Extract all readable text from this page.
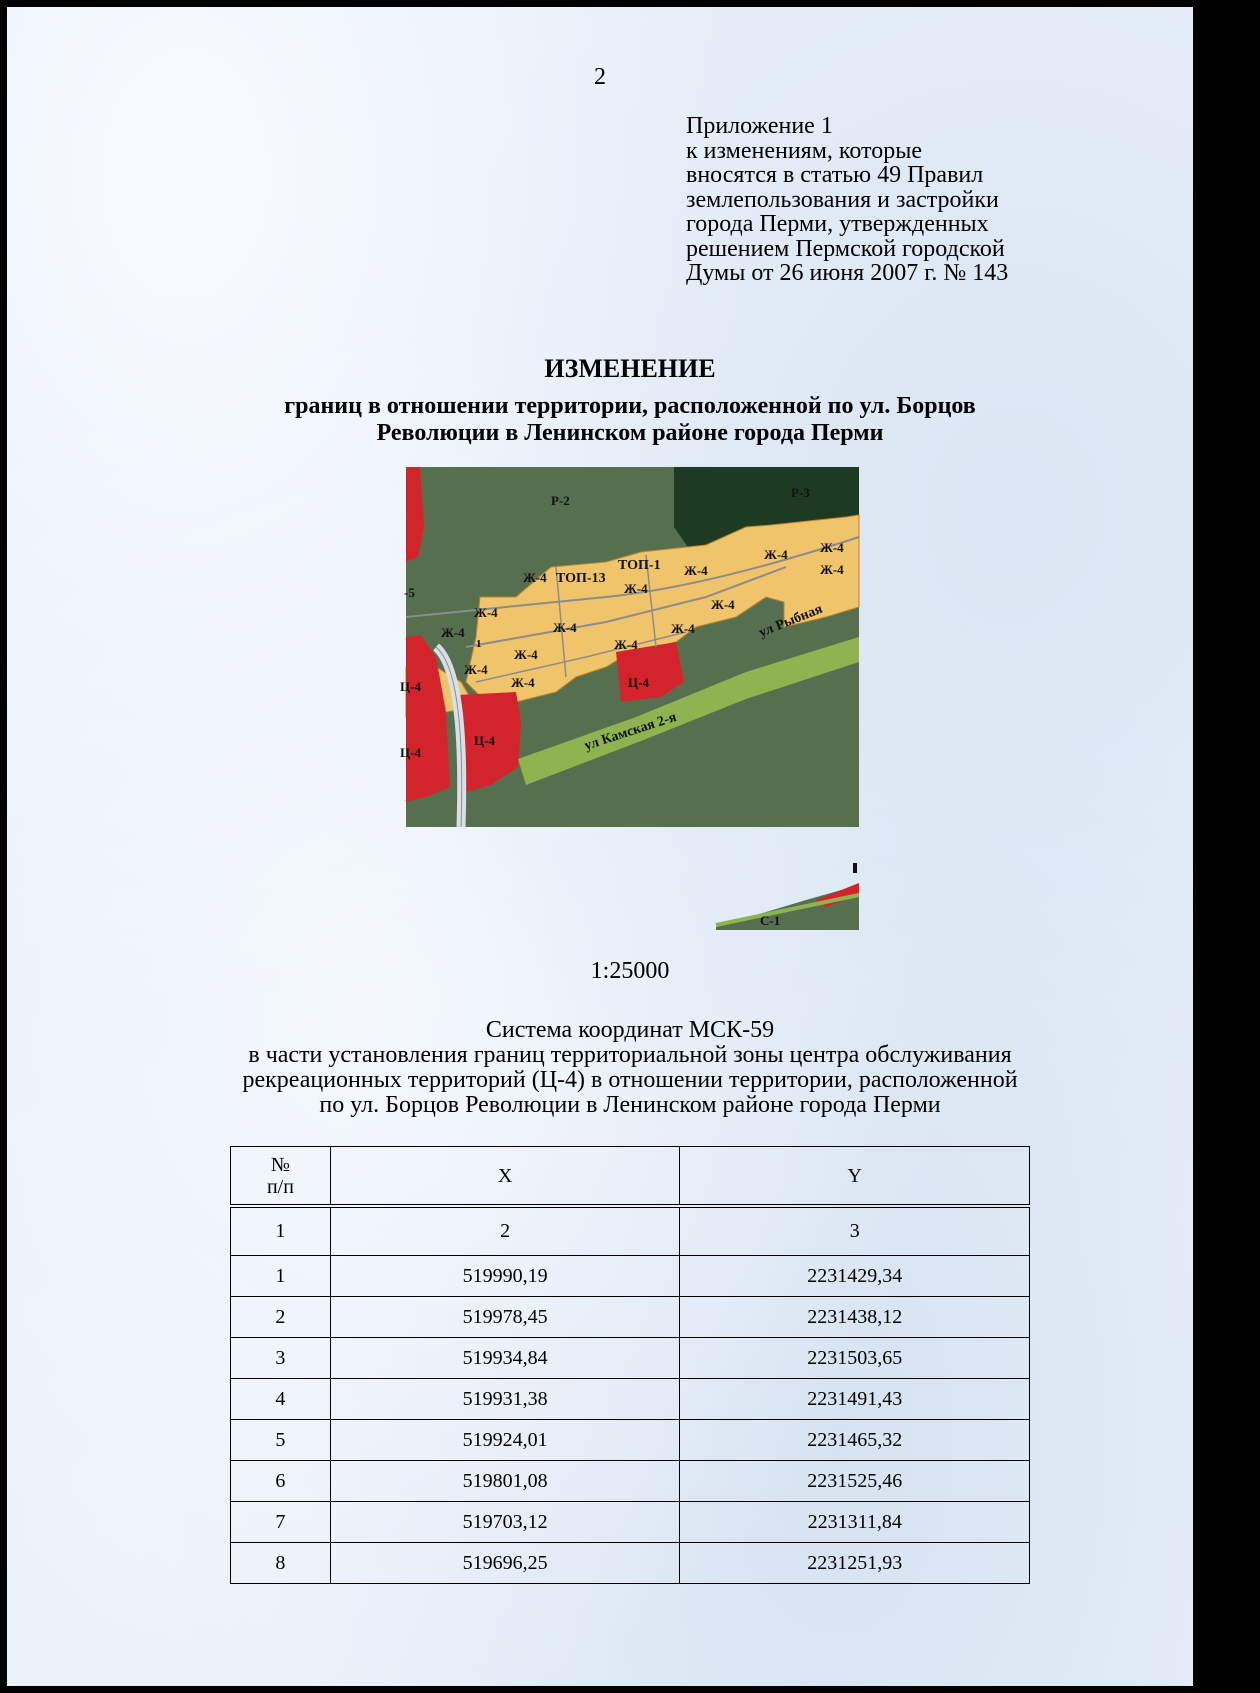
2
Приложение 1
к изменениям, которые
вносятся в статью 49 Правил
землепользования и застройки
города Перми, утвержденных
решением Пермской городской
Думы от 26 июня 2007 г. № 143
ИЗМЕНЕНИЕ
границ в отношении территории, расположенной по ул. Борцов
Революции в Ленинском районе города Перми
Р-2
Р-3
ТОП-1
ТОП-13
Ж-4	Ж-4
Ж-4
Ж-4 Ж-4
Ж-4
Ж-4
Ж-4
Ж-4
Ж-4
Ж-4
Ж-4
Ж-4
Ж-4
Ж-4	Ц-4
Ц-4
Ц-4
Ц-4
-5
1
ул Камская 2-я
ул Рыбная
С-1
1:25000
Система координат МСК-59
в части установления границ территориальной зоны центра обслуживания
рекреационных территорий (Ц-4) в отношении территории, расположенной
по ул. Борцов Революции в Ленинском районе города Перми
№
п/п	X	Y
1	2	3
1	519990,19	2231429,34
2	519978,45	2231438,12
3	519934,84	2231503,65
4	519931,38	2231491,43
5	519924,01	2231465,32
6	519801,08	2231525,46
7	519703,12	2231311,84
8	519696,25	2231251,93
